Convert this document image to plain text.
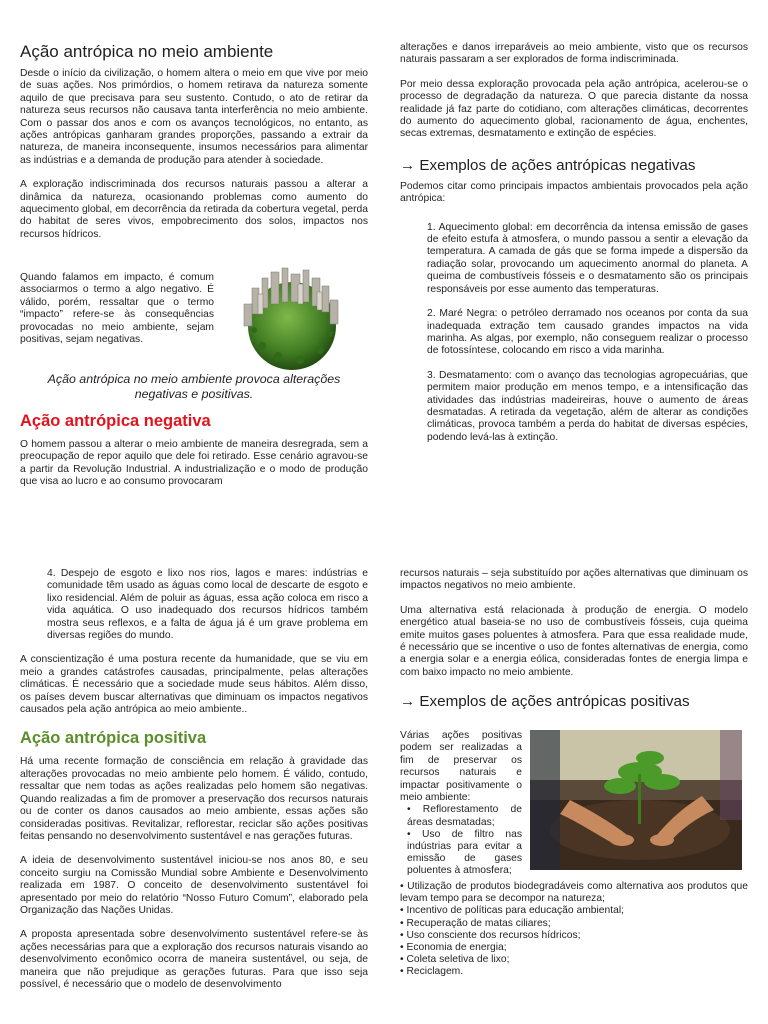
Ação antrópica no meio ambiente

Desde o início da civilização, o homem altera o meio em que vive por meio de suas ações. Nos primórdios, o homem retirava da natureza somente aquilo de que precisava para seu sustento. Contudo, o ato de retirar da natureza seus recursos não causava tanta interferência no meio ambiente. Com o passar dos anos e com os avanços tecnológicos, no entanto, as ações antrópicas ganharam grandes proporções, passando a extrair da natureza, de maneira inconsequente, insumos necessários para alimentar as indústrias e a demanda de produção para atender à sociedade.

A exploração indiscriminada dos recursos naturais passou a alterar a dinâmica da natureza, ocasionando problemas como aumento do aquecimento global, em decorrência da retirada da cobertura vegetal, perda do habitat de seres vivos, empobrecimento dos solos, impactos nos recursos hídricos.

Quando falamos em impacto, é comum associarmos o termo a algo negativo. É válido, porém, ressaltar que o termo “impacto” refere-se às consequências provocadas no meio ambiente, sejam positivas, sejam negativas.

Ação antrópica no meio ambiente provoca alterações negativas e positivas.
Ação antrópica negativa

O homem passou a alterar o meio ambiente de maneira desregrada, sem a preocupação de repor aquilo que dele foi retirado. Esse cenário agravou-se a partir da Revolução Industrial. A industrialização e o modo de produção que visa ao lucro e ao consumo provocaram

alterações e danos irreparáveis ao meio ambiente, visto que os recursos naturais passaram a ser explorados de forma indiscriminada.

Por meio dessa exploração provocada pela ação antrópica, acelerou-se o processo de degradação da natureza. O que parecia distante da nossa realidade já faz parte do cotidiano, com alterações climáticas, decorrentes do aumento do aquecimento global, racionamento de água, enchentes, secas extremas, desmatamento e extinção de espécies.

→ Exemplos de ações antrópicas negativas

Podemos citar como principais impactos ambientais provocados pela ação antrópica:

1. Aquecimento global: em decorrência da intensa emissão de gases de efeito estufa à atmosfera, o mundo passou a sentir a elevação da temperatura. A camada de gás que se forma impede a dispersão da radiação solar, provocando um aquecimento anormal do planeta. A queima de combustíveis fósseis e o desmatamento são os principais responsáveis por esse aumento das temperaturas.
2. Maré Negra: o petróleo derramado nos oceanos por conta da sua inadequada extração tem causado grandes impactos na vida marinha. As algas, por exemplo, não conseguem realizar o processo de fotossíntese, colocando em risco a vida marinha.
3. Desmatamento: com o avanço das tecnologias agropecuárias, que permitem maior produção em menos tempo, e a intensificação das atividades das indústrias madeireiras, houve o aumento de áreas desmatadas. A retirada da vegetação, além de alterar as condições climáticas, provoca também a perda do habitat de diversas espécies, podendo levá-las à extinção.
4. Despejo de esgoto e lixo nos rios, lagos e mares: indústrias e comunidade têm usado as águas como local de descarte de esgoto e lixo residencial. Além de poluir as águas, essa ação coloca em risco a vida aquática. O uso inadequado dos recursos hídricos também mostra seus reflexos, e a falta de água já é um grave problema em diversas regiões do mundo.

A conscientização é uma postura recente da humanidade, que se viu em meio a grandes catástrofes causadas, principalmente, pelas alterações climáticas. É necessário que a sociedade mude seus hábitos. Além disso, os países devem buscar alternativas que diminuam os impactos negativos causados pela ação antrópica ao meio ambiente..

Ação antrópica positiva

Há uma recente formação de consciência em relação à gravidade das alterações provocadas no meio ambiente pelo homem. É válido, contudo, ressaltar que nem todas as ações realizadas pelo homem são negativas. Quando realizadas a fim de promover a preservação dos recursos naturais ou de conter os danos causados ao meio ambiente, essas ações são consideradas positivas. Revitalizar, reflorestar, reciclar são ações positivas feitas pensando no desenvolvimento sustentável e nas gerações futuras.

A ideia de desenvolvimento sustentável iniciou-se nos anos 80, e seu conceito surgiu na Comissão Mundial sobre Ambiente e Desenvolvimento realizada em 1987. O conceito de desenvolvimento sustentável foi apresentado por meio do relatório “Nosso Futuro Comum”, elaborado pela Organização das Nações Unidas.

A proposta apresentada sobre desenvolvimento sustentável refere-se às ações necessárias para que a exploração dos recursos naturais visando ao desenvolvimento econômico ocorra de maneira sustentável, ou seja, de maneira que não prejudique as gerações futuras. Para que isso seja possível, é necessário que o modelo de desenvolvimento

recursos naturais – seja substituído por ações alternativas que diminuam os impactos negativos no meio ambiente.

Uma alternativa está relacionada à produção de energia. O modelo energético atual baseia-se no uso de combustíveis fósseis, cuja queima emite muitos gases poluentes à atmosfera. Para que essa realidade mude, é necessário que se incentive o uso de fontes alternativas de energia, como a energia solar e a energia eólica, consideradas fontes de energia limpa e com baixo impacto no meio ambiente.

→ Exemplos de ações antrópicas positivas

Várias ações positivas podem ser realizadas a fim de preservar os recursos naturais e impactar positivamente o meio ambiente:

• Reflorestamento de áreas desmatadas;
• Uso de filtro nas indústrias para evitar a emissão de gases poluentes à atmosfera;
• Utilização de produtos biodegradáveis como alternativa aos produtos que levam tempo para se decompor na natureza;
• Incentivo de políticas para educação ambiental;
• Recuperação de matas ciliares;
• Uso consciente dos recursos hídricos;
• Economia de energia;
• Coleta seletiva de lixo;
• Reciclagem.
